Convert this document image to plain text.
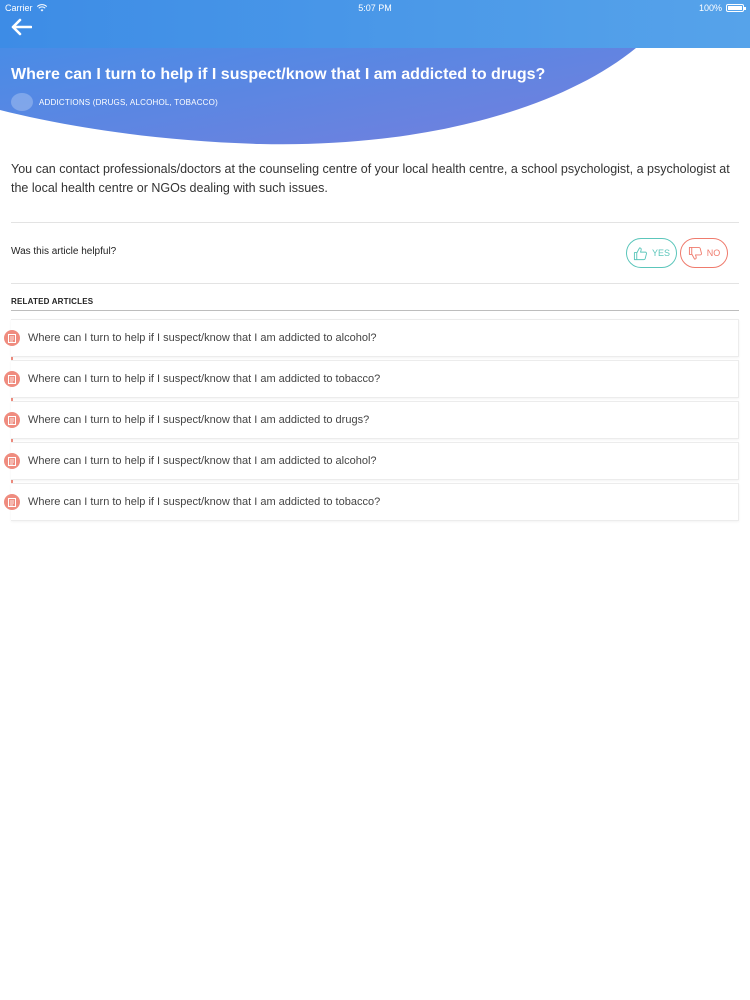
Carrier	5:07 PM	100%
Where can I turn to help if I suspect/know that I am addicted to drugs?
ADDICTIONS (DRUGS, ALCOHOL, TOBACCO)

You can contact professionals/doctors at the counseling centre of your local health centre, a school psychologist, a psychologist at the local health centre or NGOs dealing with such issues.

Was this article helpful?	YES	NO
RELATED ARTICLES
Where can I turn to help if I suspect/know that I am addicted to alcohol?
Where can I turn to help if I suspect/know that I am addicted to tobacco?
Where can I turn to help if I suspect/know that I am addicted to drugs?
Where can I turn to help if I suspect/know that I am addicted to alcohol?
Where can I turn to help if I suspect/know that I am addicted to tobacco?
